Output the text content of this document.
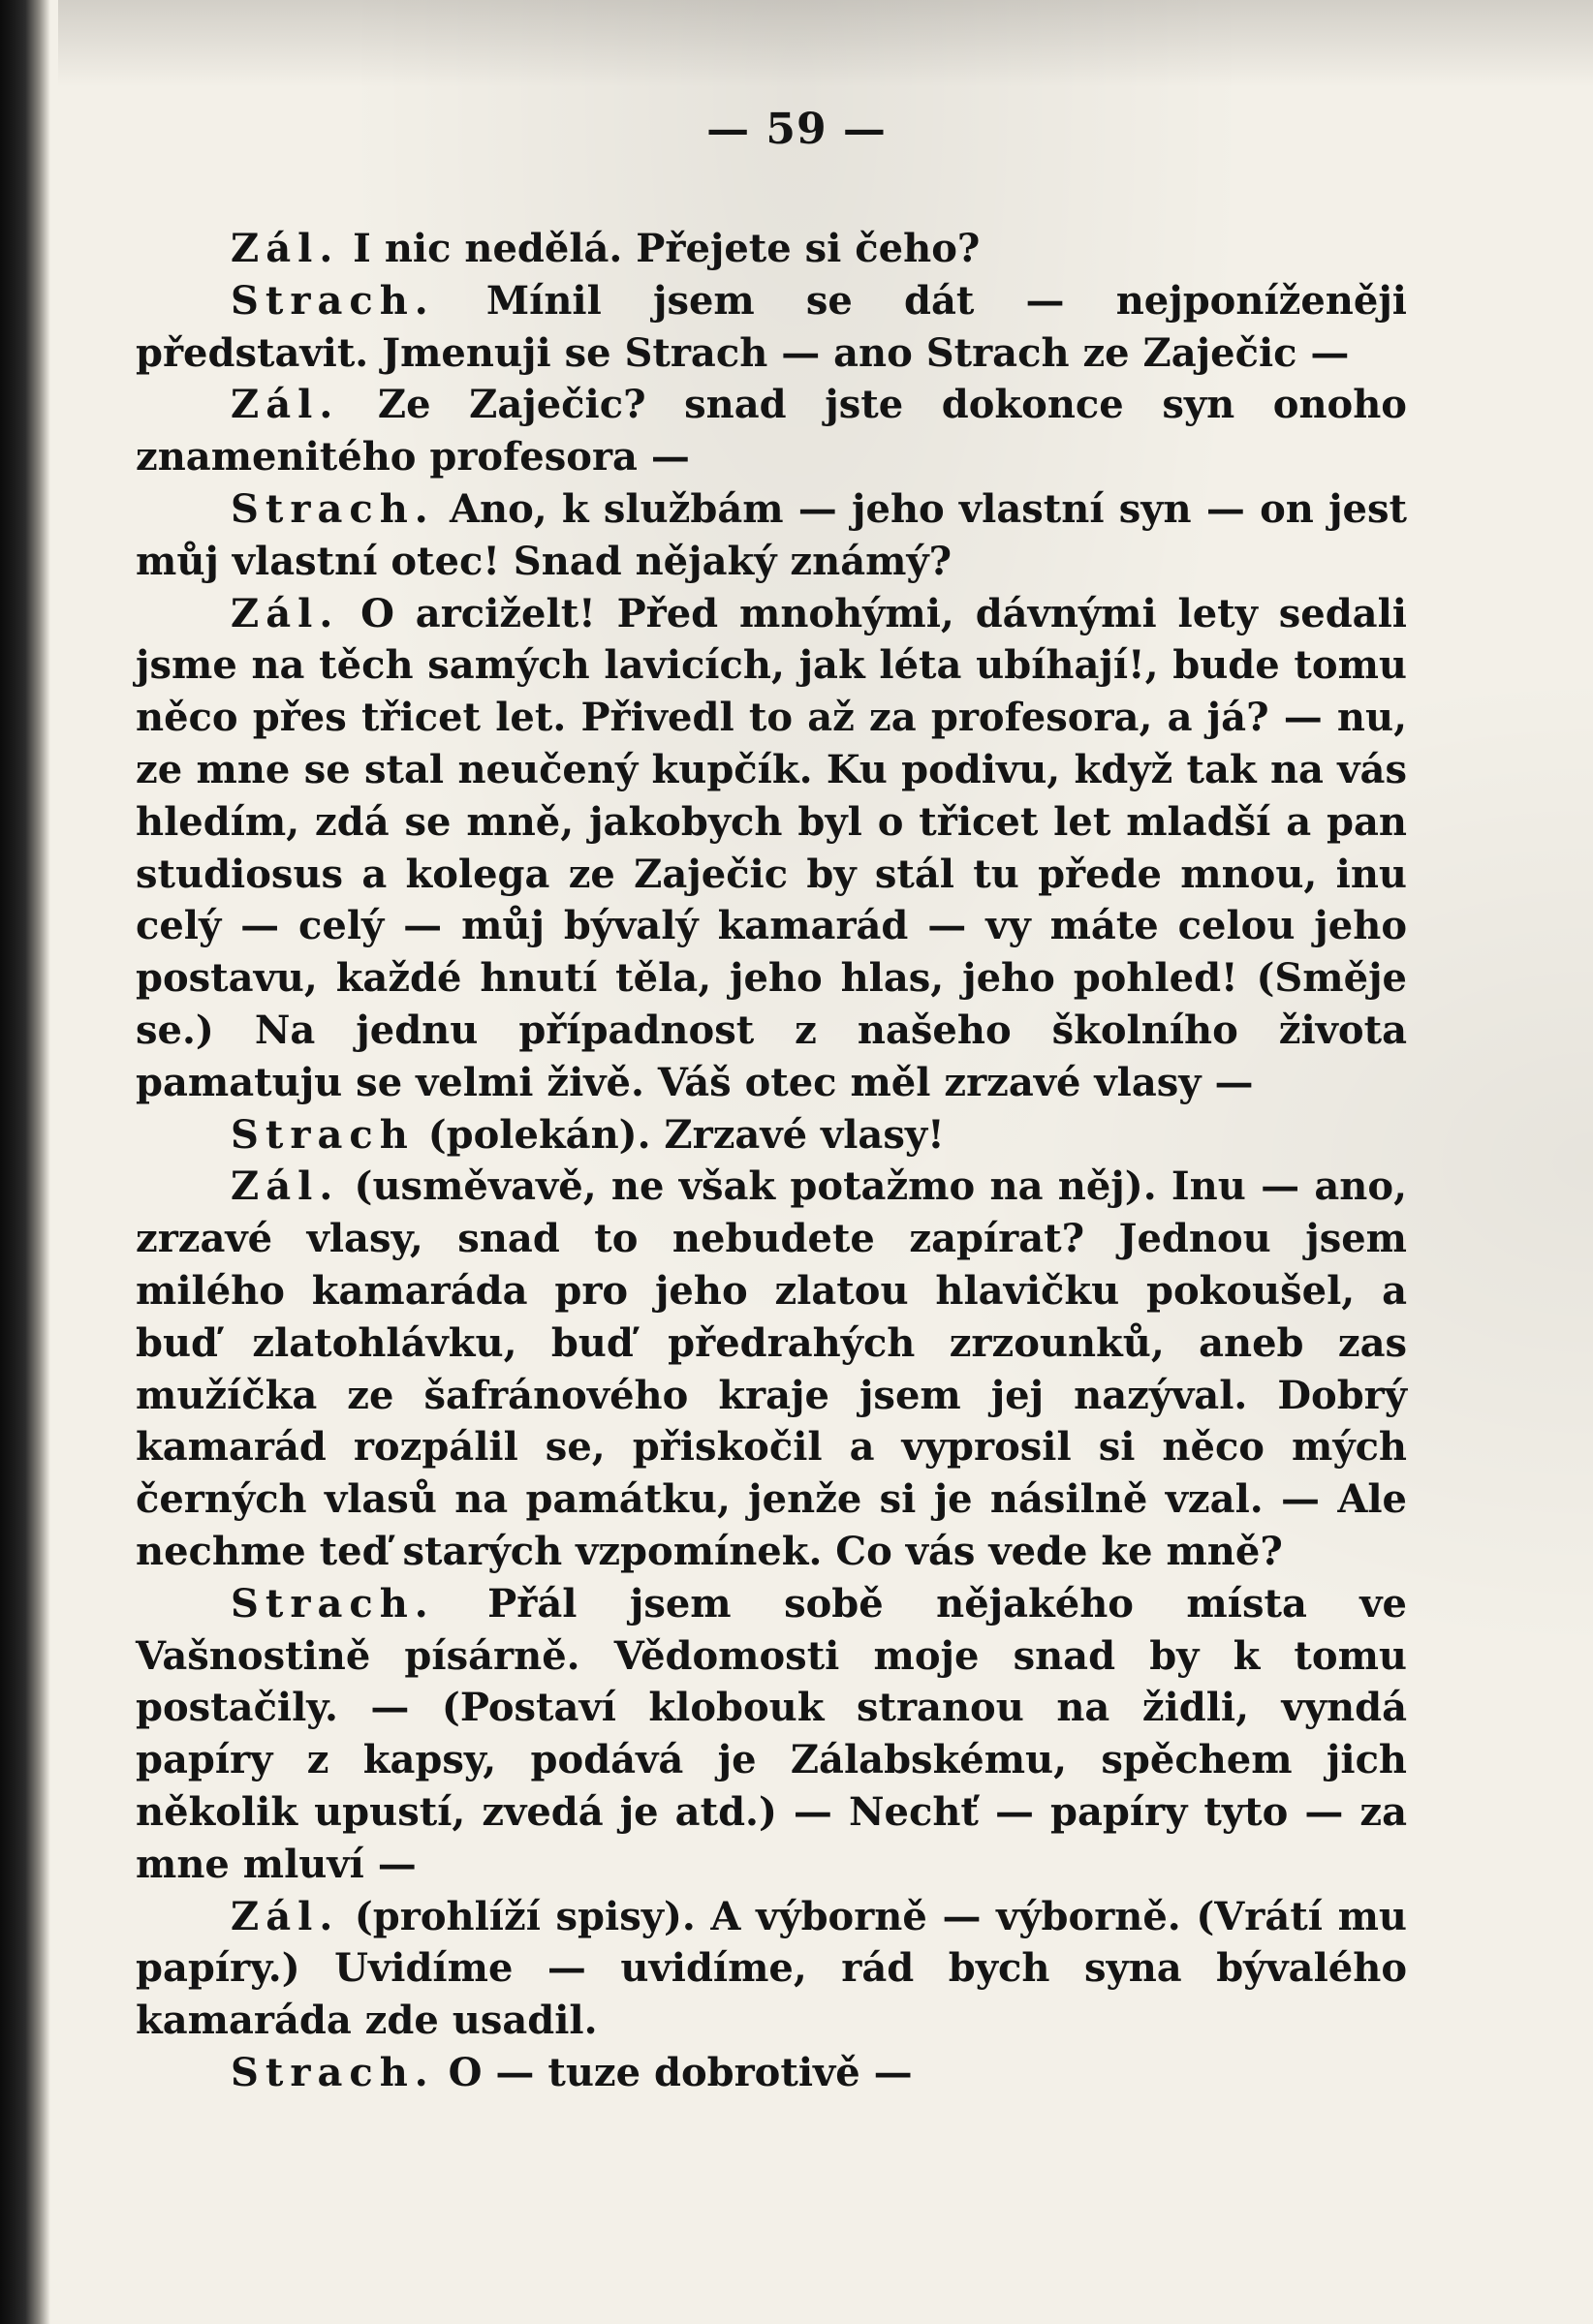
— 59 —

Zál. I nic nedělá. Přejete si čeho?

Strach. Mínil jsem se dát — nejponíženěji představit. Jmenuji se Strach — ano Strach ze Zaječic —

Zál. Ze Zaječic? snad jste dokonce syn onoho znamenitého profesora —

Strach. Ano, k službám — jeho vlastní syn — on jest můj vlastní otec! Snad nějaký známý?

Zál. O arciželt! Před mnohými, dávnými lety sedali jsme na těch samých lavicích, jak léta ubíhají!, bude tomu něco přes třicet let. Přivedl to až za profesora, a já? — nu, ze mne se stal neučený kupčík. Ku podivu, když tak na vás hledím, zdá se mně, jakobych byl o třicet let mladší a pan studiosus a kolega ze Zaječic by stál tu přede mnou, inu celý — celý — můj bývalý kamarád — vy máte celou jeho postavu, každé hnutí těla, jeho hlas, jeho pohled! (Směje se.) Na jednu případnost z našeho školního života pamatuju se velmi živě. Váš otec měl zrzavé vlasy —

Strach (polekán). Zrzavé vlasy!

Zál. (usměvavě, ne však potažmo na něj). Inu — ano, zrzavé vlasy, snad to nebudete zapírat? Jednou jsem milého kamaráda pro jeho zlatou hlavičku pokoušel, a buď zlatohlávku, buď předrahých zrzounků, aneb zas mužíčka ze šafránového kraje jsem jej nazýval. Dobrý kamarád rozpálil se, přiskočil a vyprosil si něco mých černých vlasů na památku, jenže si je násilně vzal. — Ale nechme teď starých vzpomínek. Co vás vede ke mně?

Strach. Přál jsem sobě nějakého místa ve Vašnostině písárně. Vědomosti moje snad by k tomu postačily. — (Postaví klobouk stranou na židli, vyndá papíry z kapsy, podává je Zálabskému, spěchem jich několik upustí, zvedá je atd.) — Nechť — papíry tyto — za mne mluví —

Zál. (prohlíží spisy). A výborně — výborně. (Vrátí mu papíry.) Uvidíme — uvidíme, rád bych syna bývalého kamaráda zde usadil.

Strach. O — tuze dobrotivě —
